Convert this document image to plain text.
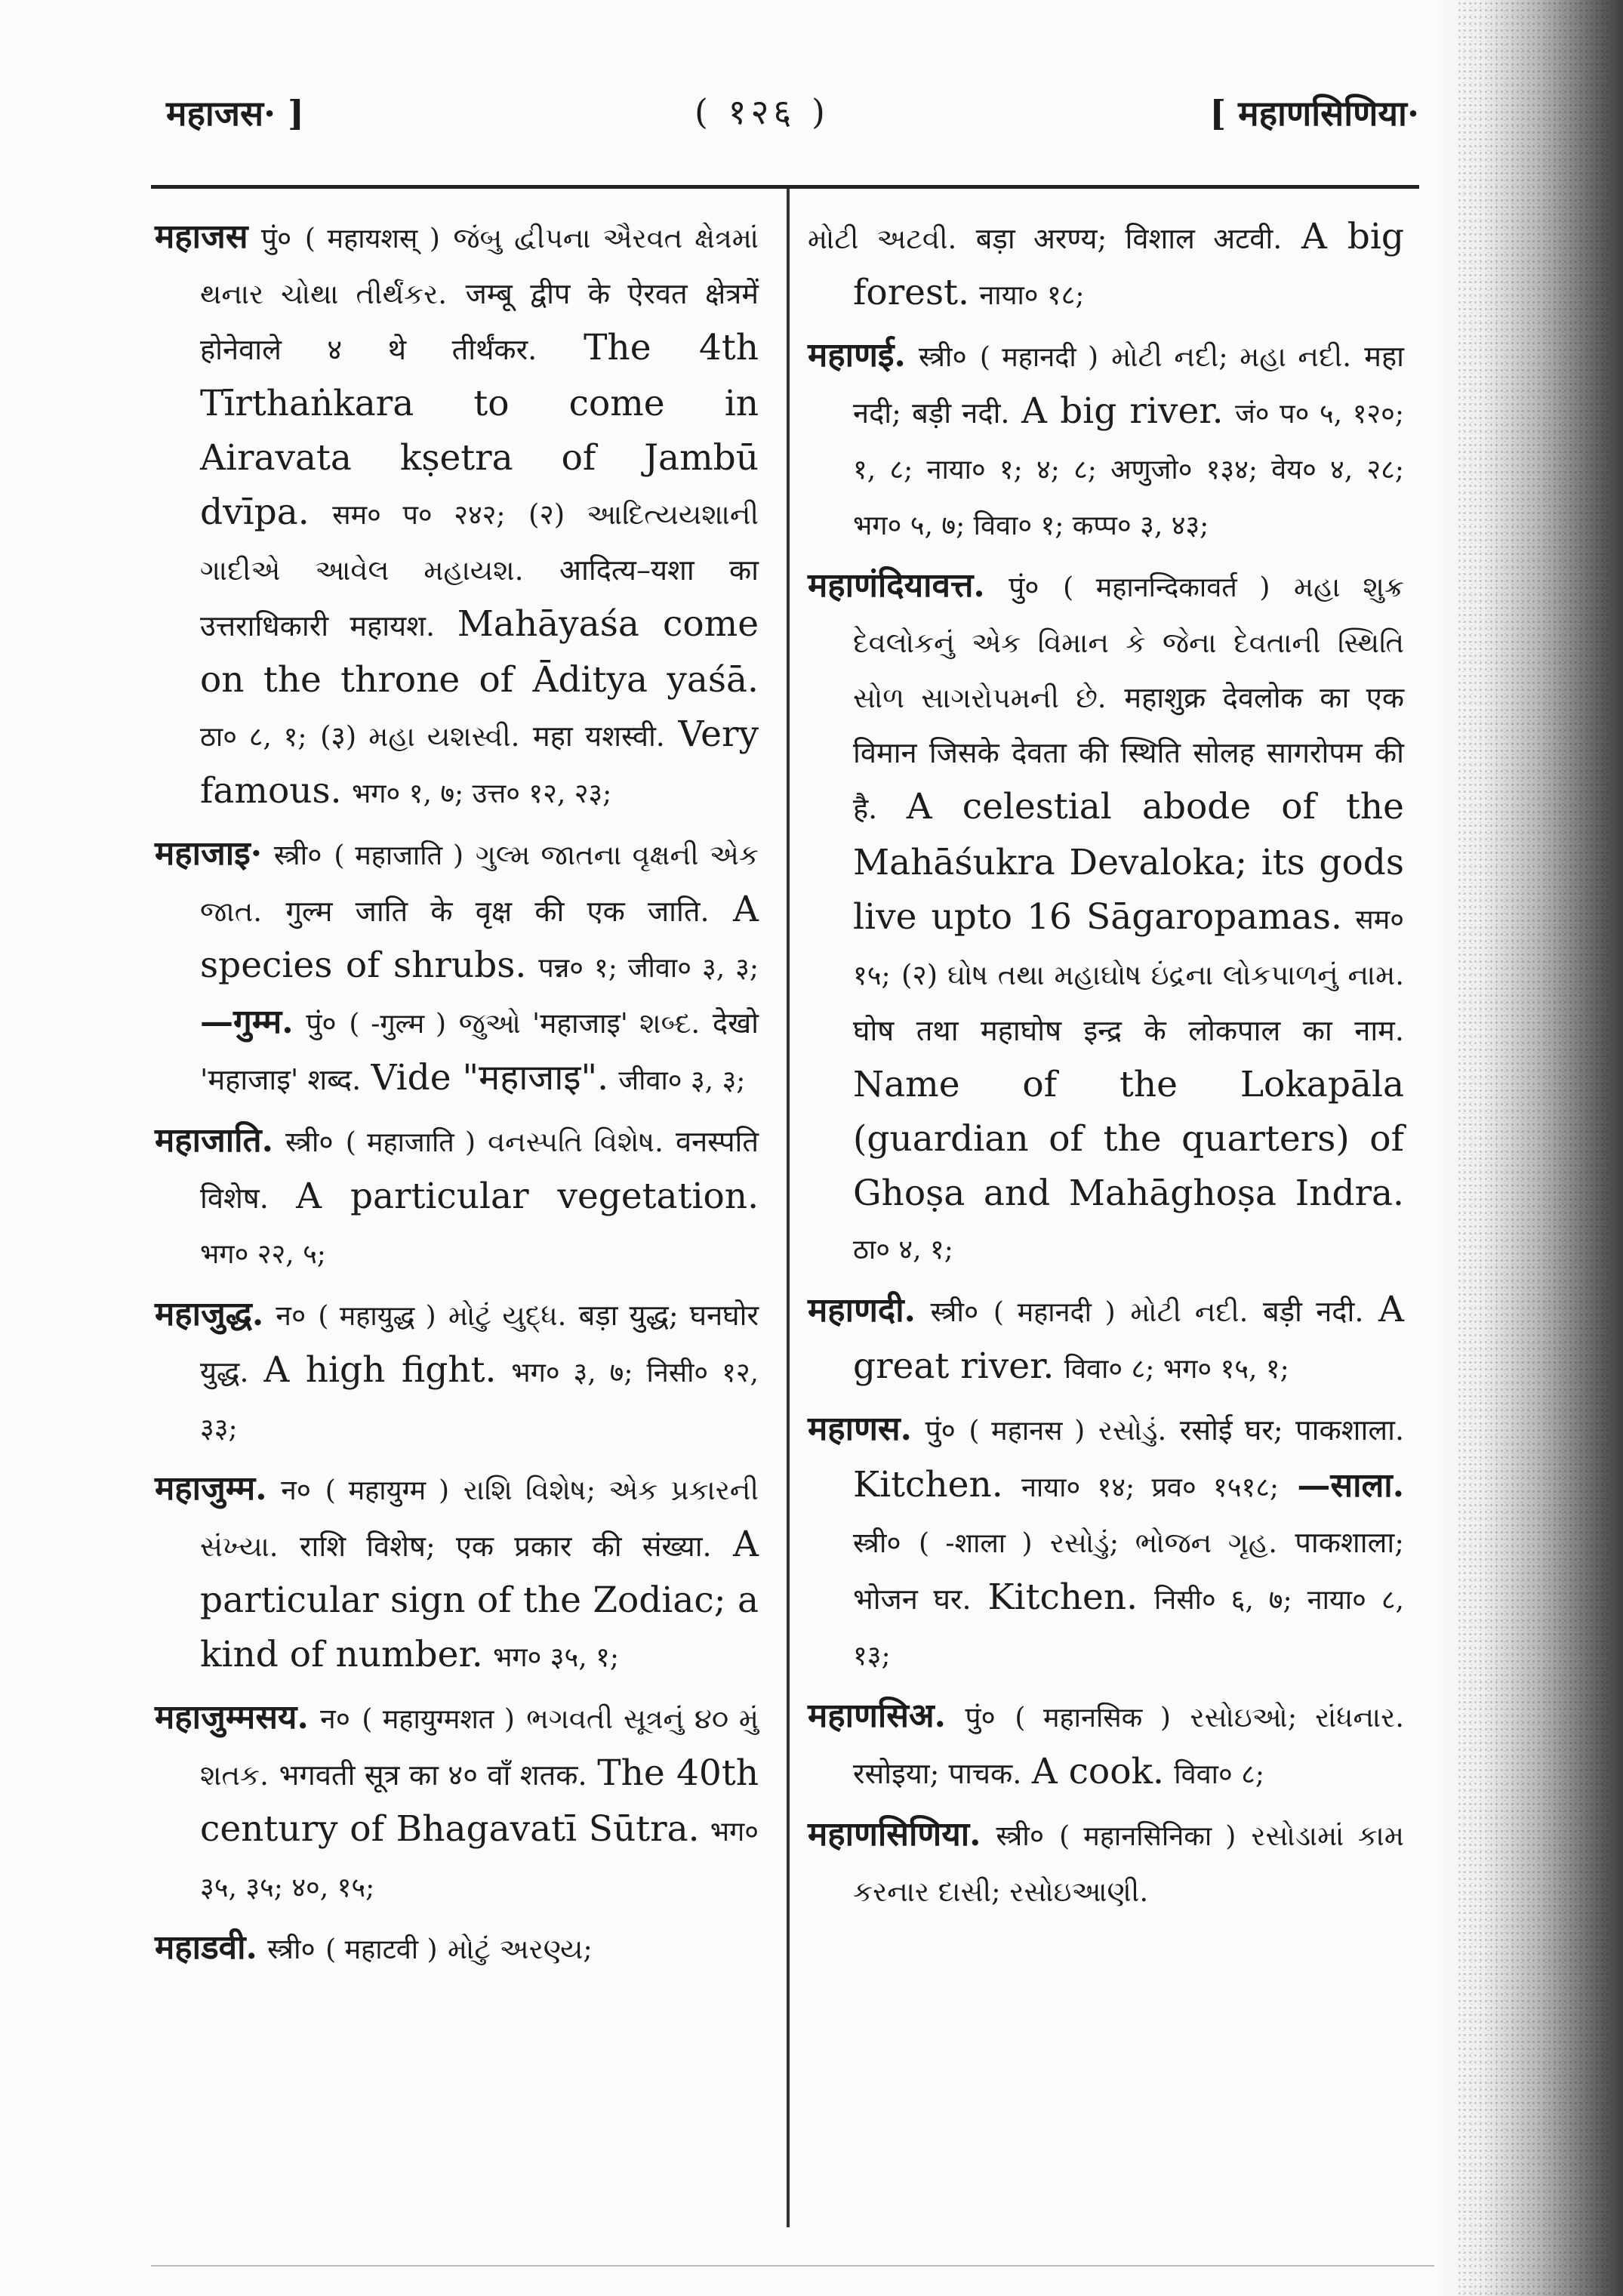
महाजस· ]	( १२६ )	[ महाणसिणिया·
महाजस पुं० ( महायशस् ) જંબુ દ્વીપના ઐરવત ક્ષેત્રમાં થનાર ચોથા તીર્થંકર. जम्बू द्वीप के ऐरवत क्षेत्रमें होनेवाले ४ थे तीर्थंकर. The 4th Tīrthaṅkara to come in Airavata kṣetra of Jambū dvīpa. सम० प० २४२; (२) આદિત્યયશાની ગાદીએ આવેલ મહાયશ. आदित्य–यशा का उत्तराधिकारी महायश. Mahāyaśa come on the throne of Āditya yaśā. ठा० ८, १; (३) મહા યશસ્વી. महा यशस्वी. Very famous. भग० १, ७; उत्त० १२, २३;
महाजाइ· स्त्री० ( महाजाति ) ગુલ્મ જાતના વૃક્ષની એક જાત. गुल्म जाति के वृक्ष की एक जाति. A species of shrubs. पन्न० १; जीवा० ३, ३; —गुम्म. पुं० ( -गुल्म ) જુઓ 'महाजाइ' શબ્દ. देखो 'महाजाइ' शब्द. Vide "महाजाइ". जीवा० ३, ३;
महाजाति. स्त्री० ( महाजाति ) વનસ્પતિ વિશેષ. वनस्पति विशेष. A particular vegetation. भग० २२, ५;
महाजुद्ध. न० ( महायुद्ध ) મોટું યુદ્ધ. बड़ा युद्ध; घनघोर युद्ध. A high fight. भग० ३, ७; निसी० १२, ३३;
महाजुम्म. न० ( महायुग्म ) રાશિ વિશેષ; એક પ્રકારની સંખ્યા. राशि विशेष; एक प्रकार की संख्या. A particular sign of the Zodiac; a kind of number. भग० ३५, १;
महाजुम्मसय. न० ( महायुग्मशत ) ભગવતી સૂત્રનું ૪૦ મું શતક. भगवती सूत्र का ४० वाँ शतक. The 40th century of Bhagavatī Sūtra. भग० ३५, ३५; ४०, १५;
महाडवी. स्त्री० ( महाटवी ) મોટું અરણ્ય;
મોટી અટવી. बड़ा अरण्य; विशाल अटवी. A big forest. नाया० १८;
महाणई. स्त्री० ( महानदी ) મોટી નદી; મહા નદી. महा नदी; बड़ी नदी. A big river. जं० प० ५, १२०; १, ८; नाया० १; ४; ८; अणुजो० १३४; वेय० ४, २८; भग० ५, ७; विवा० १; कप्प० ३, ४३;
महाणंदियावत्त. पुं० ( महानन्दिकावर्त ) મહા શુક્ર દેવલોકનું એક વિમાન કે જેના દેવતાની સ્થિતિ સોળ સાગરોપમની છે. महाशुक्र देवलोक का एक विमान जिसके देवता की स्थिति सोलह सागरोपम की है. A celestial abode of the Mahāśukra Devaloka; its gods live upto 16 Sāgaropamas. सम० १५; (२) ઘોષ તથા મહાઘોષ ઇંદ્રના લોકપાળનું નામ. घोष तथा महाघोष इन्द्र के लोकपाल का नाम. Name of the Lokapāla (guardian of the quarters) of Ghoṣa and Mahāghoṣa Indra. ठा० ४, १;
महाणदी. स्त्री० ( महानदी ) મોટી નદી. बड़ी नदी. A great river. विवा० ८; भग० १५, १;
महाणस. पुं० ( महानस ) રસોડું. रसोई घर; पाकशाला. Kitchen. नाया० १४; प्रव० १५१८; —साला. स्त्री० ( -शाला ) રસોડું; ભોજન ગૃહ. पाकशाला; भोजन घर. Kitchen. निसी० ६, ७; नाया० ८, १३;
महाणसिअ. पुं० ( महानसिक ) રસોઇઓ; રાંધનાર. रसोइया; पाचक. A cook. विवा० ८;
महाणसिणिया. स्त्री० ( महानसिनिका ) રસોડામાં કામ કરનાર દાસી; રસોઇઆણી.
